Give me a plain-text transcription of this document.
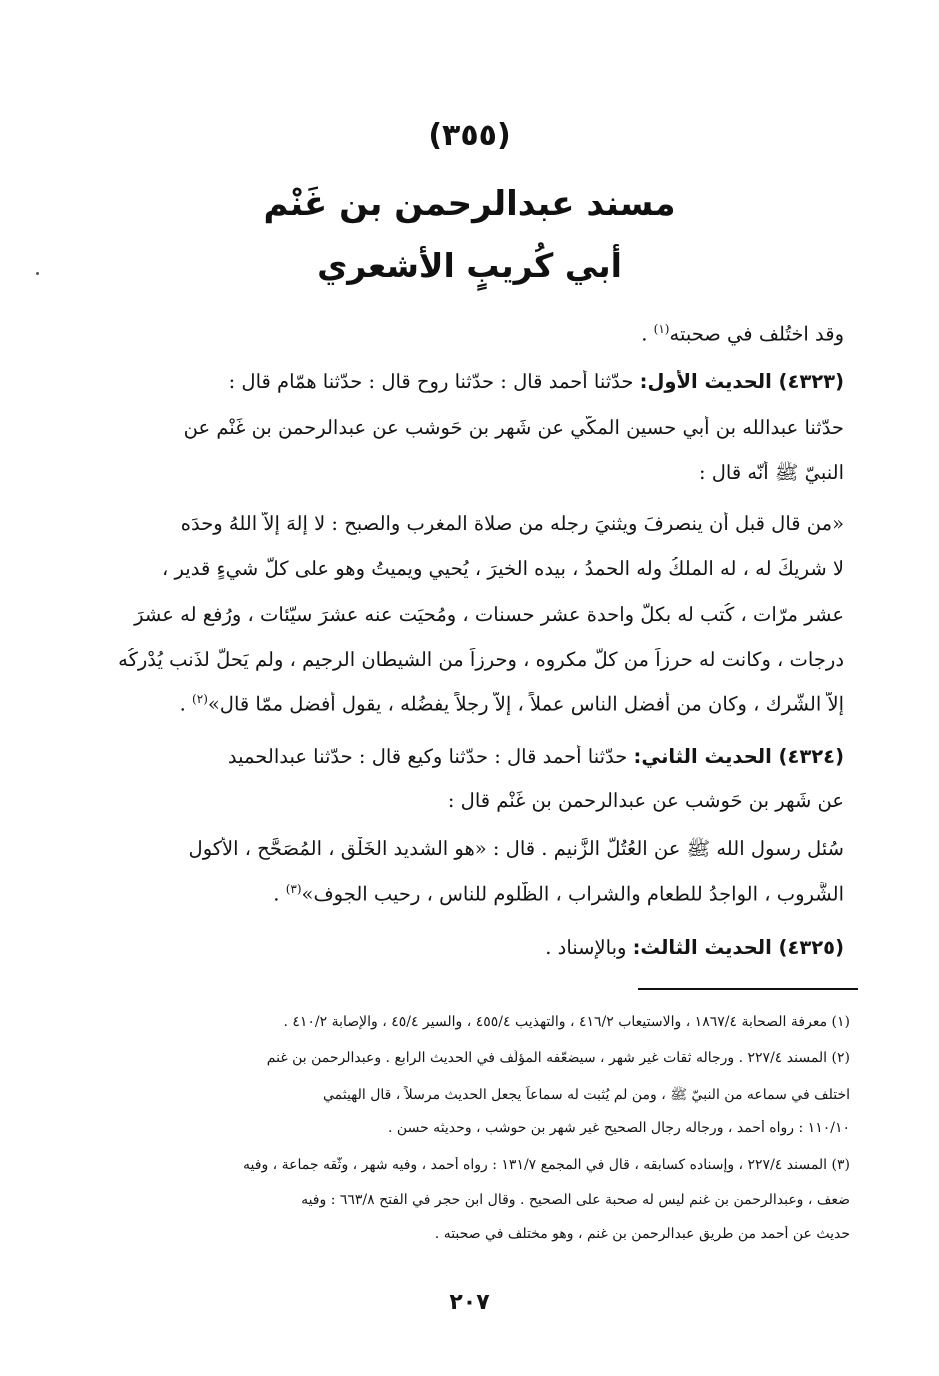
(٣٥٥)
مسند عبدالرحمن بن غَنْم
أبي كُريبٍ الأشعري
وقد اختُلف في صحبته$^{(١)}$ .
(٤٣٢٣) الحديث الأول: حدّثنا أحمد قال : حدّثنا روح قال : حدّثنا همّام قال :
حدّثنا عبدالله بن أبي حسين المكّي عن شَهر بن حَوشب عن عبدالرحمن بن غَنْم عن
النبيّ ﷺ أنّه قال :
«من قال قبل أن ينصرفَ ويثنيَ رجله من صلاة المغرب والصبح : لا إلهَ إلاّ اللهُ وحدَه
لا شريكَ له ، له الملكُ وله الحمدُ ، بيده الخيرَ ، يُحيي ويميتُ وهو على كلّ شيءٍ قدير ،
عشر مرّات ، كُتب له بكلّ واحدة عشر حسنات ، ومُحيَت عنه عشرَ سيّئات ، ورُفع له عشرَ
درجات ، وكانت له حرزاً من كلّ مكروه ، وحرزاً من الشيطان الرجيم ، ولم يَحلّ لذَنب يُدْرِكُه
إلاّ الشّرك ، وكان من أفضل الناس عملاً ، إلاّ رجلاً يفضُله ، يقول أفضل ممّا قال»$^{(٢)}$ .
(٤٣٢٤) الحديث الثاني: حدّثنا أحمد قال : حدّثنا وكيع قال : حدّثنا عبدالحميد
عن شَهر بن حَوشب عن عبدالرحمن بن غَنْم قال :
سُئل رسول الله ﷺ عن العُتُلّ الزَّنيم . قال : «هو الشديد الخَلْق ، المُصَحَّح ، الأكول
الشَّروب ، الواجدُ للطعام والشراب ، الظَّلوم للناس ، رحيب الجوف»$^{(٣)}$ .
(٤٣٢٥) الحديث الثالث: وبالإسناد .
(١) معرفة الصحابة ١٨٦٧/٤ ، والاستيعاب ٤١٦/٢ ، والتهذيب ٤٥٥/٤ ، والسير ٤٥/٤ ، والإصابة ٤١٠/٢ .
(٢) المسند ٢٢٧/٤ . ورجاله ثقات غير شهر ، سيضعّفه المؤلّف في الحديث الرابع . وعبدالرحمن بن غنم
اختلف في سماعه من النبيّ ﷺ ، ومن لم يُثبت له سماعاً يجعل الحديث مرسلاً ، قال الهيثمي
١١٠/١٠ : رواه أحمد ، ورجاله رجال الصحيح غير شهر بن حوشب ، وحديثه حسن .
(٣) المسند ٢٢٧/٤ ، وإسناده كسابقه ، قال في المجمع ١٣١/٧ : رواه أحمد ، وفيه شهر ، وثّقه جماعة ، وفيه
ضعف ، وعبدالرحمن بن غنم ليس له صحبة على الصحيح . وقال ابن حجر في الفتح ٦٦٣/٨ : وفيه
حديث عن أحمد من طريق عبدالرحمن بن غنم ، وهو مختلف في صحبته .
٢٠٧
